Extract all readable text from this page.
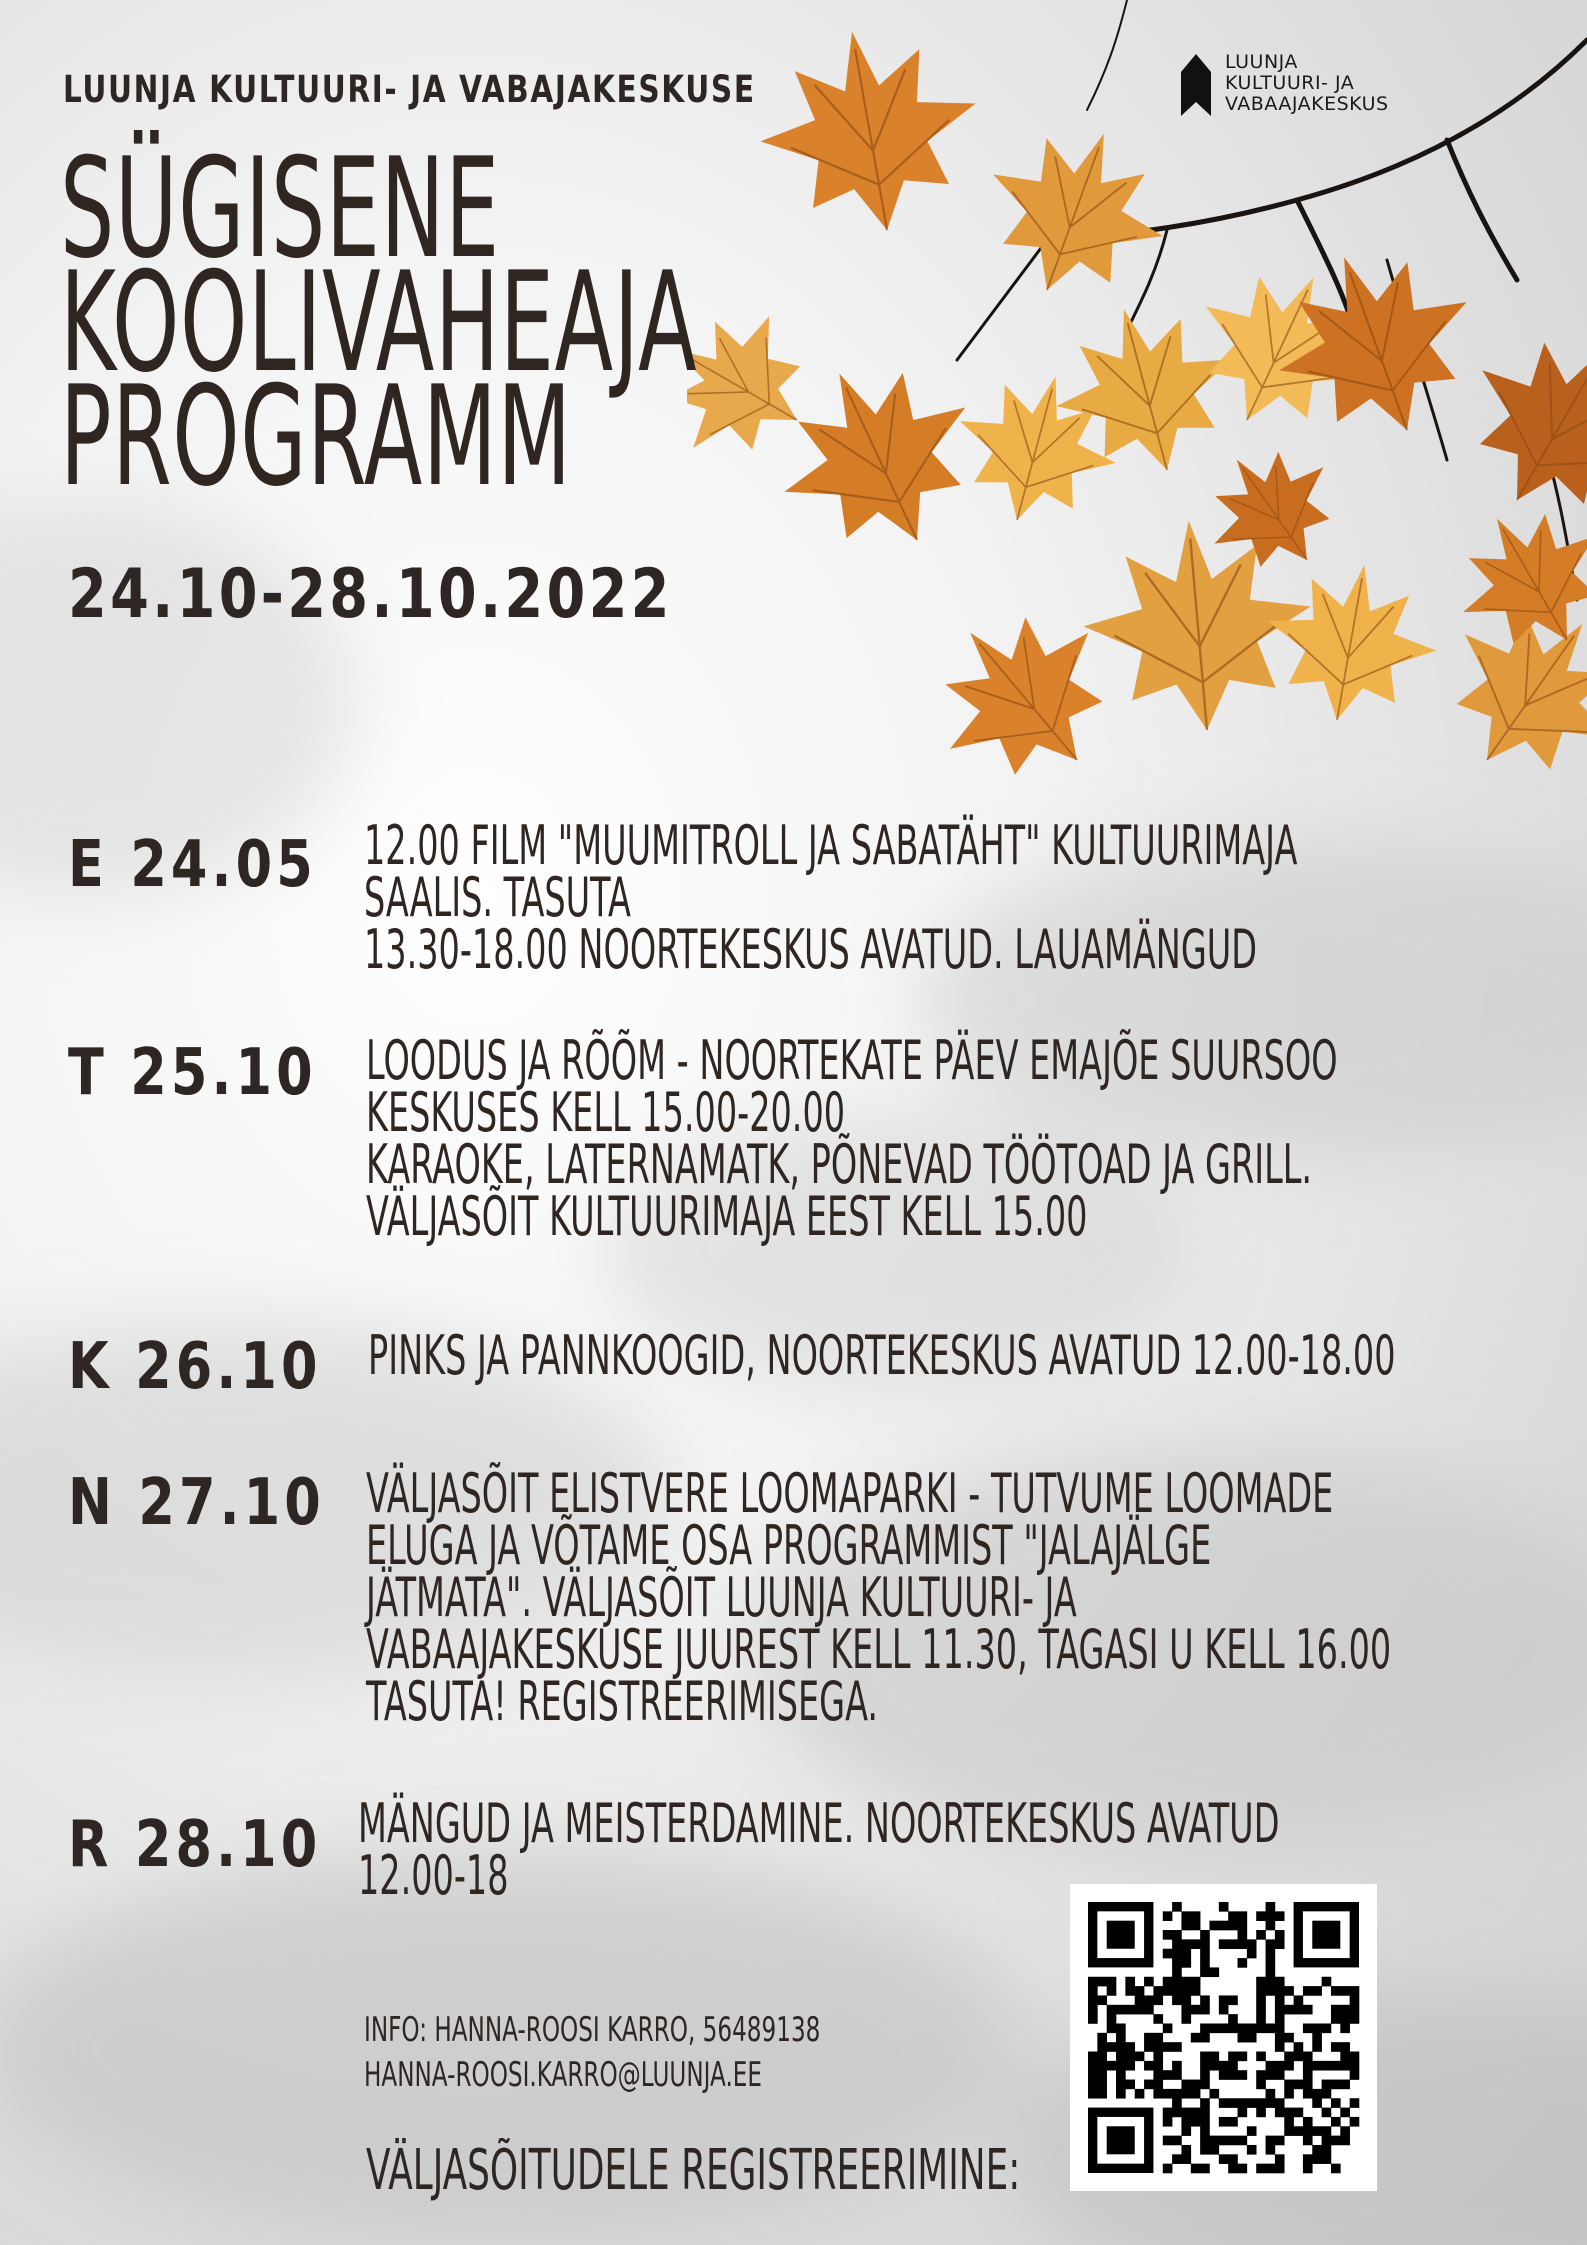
LUUNJA KULTUURI- JA VABAJAKESKUSE
LUUNJA
KULTUURI- JA
VABAAJAKESKUS
SÜGISENE
KOOLIVAHEAJA
PROGRAMM
24.10-28.10.2022
E 24.05 12.00 FILM "MUUMITROLL JA SABATÄHT" KULTUURIMAJA
SAALIS. TASUTA
13.30-18.00 NOORTEKESKUS AVATUD. LAUAMÄNGUD
T 25.10 LOODUS JA RÕÕM - NOORTEKATE PÄEV EMAJÕE SUURSOO
KESKUSES KELL 15.00-20.00
KARAOKE, LATERNAMATK, PÕNEVAD TÖÖTOAD JA GRILL.
VÄLJASÕIT KULTUURIMAJA EEST KELL 15.00
K 26.10 PINKS JA PANNKOOGID, NOORTEKESKUS AVATUD 12.00-18.00
N 27.10 VÄLJASÕIT ELISTVERE LOOMAPARKI - TUTVUME LOOMADE
ELUGA JA VÕTAME OSA PROGRAMMIST "JALAJÄLGE
JÄTMATA". VÄLJASÕIT LUUNJA KULTUURI- JA
VABAAJAKESKUSE JUUREST KELL 11.30, TAGASI U KELL 16.00
TASUTA! REGISTREERIMISEGA.
R 28.10 MÄNGUD JA MEISTERDAMINE. NOORTEKESKUS AVATUD
12.00-18
INFO: HANNA-ROOSI KARRO, 56489138
HANNA-ROOSI.KARRO@LUUNJA.EE
VÄLJASÕITUDELE REGISTREERIMINE:
